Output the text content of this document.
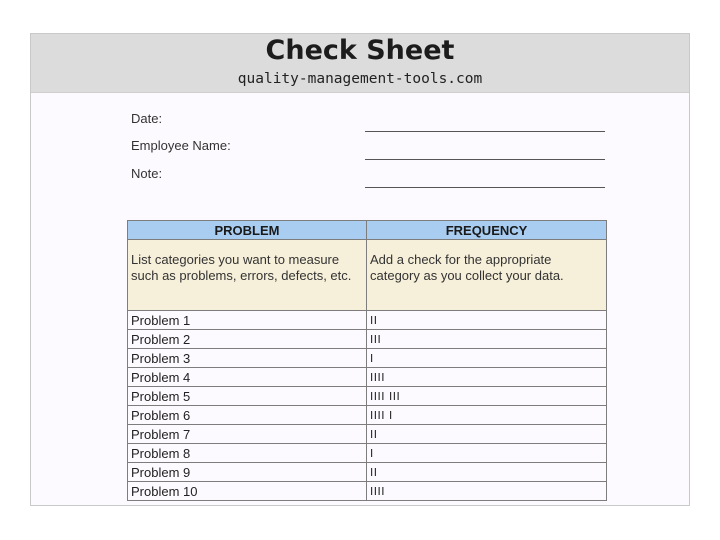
Check Sheet
quality-management-tools.com
Date:
Employee Name:
Note:
PROBLEM	FREQUENCY
List categories you want to measure such as problems, errors, defects, etc.	Add a check for the appropriate category as you collect your data.
Problem 1	II
Problem 2	III
Problem 3	I
Problem 4	IIII
Problem 5	IIII III
Problem 6	IIII I
Problem 7	II
Problem 8	I
Problem 9	II
Problem 10	IIII
